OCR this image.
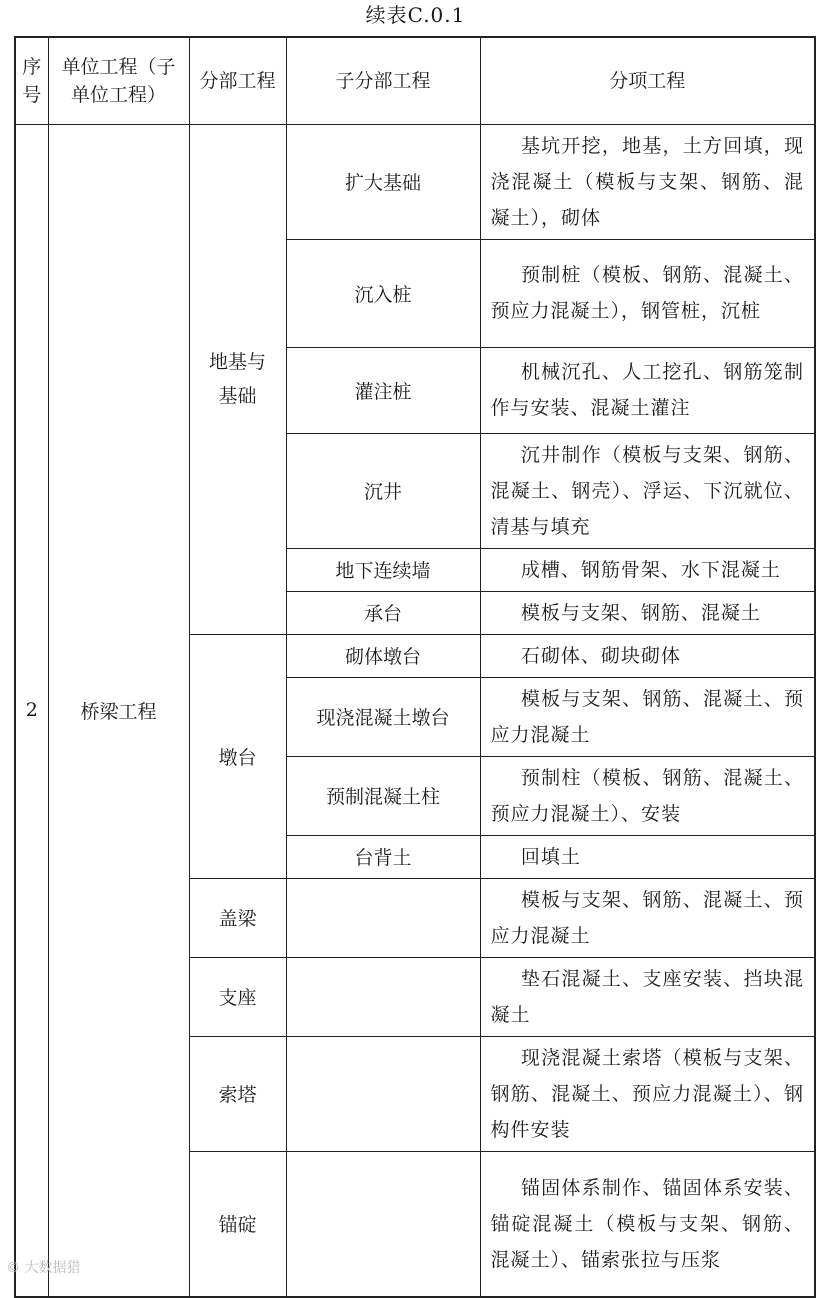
续表C.0.1
序号	单位工程（子单位工程）	分部工程	子分部工程	分项工程
2	桥梁工程	地基与基础	扩大基础	基坑开挖，地基，土方回填，现浇混凝土（模板与支架、钢筋、混凝土），砌体

			沉入桩	预制桩（模板、钢筋、混凝土、预应力混凝土），钢管桩，沉桩

			灌注桩	机械沉孔、人工挖孔、钢筋笼制作与安装、混凝土灌注

			沉井	沉井制作（模板与支架、钢筋、混凝土、钢壳）、浮运、下沉就位、清基与填充

			地下连续墙	成槽、钢筋骨架、水下混凝土

			承台	模板与支架、钢筋、混凝土

		墩台	砌体墩台	石砌体、砌块砌体

			现浇混凝土墩台	模板与支架、钢筋、混凝土、预应力混凝土

			预制混凝土柱	预制柱（模板、钢筋、混凝土、预应力混凝土）、安装

			台背土	回填土

		盖梁		模板与支架、钢筋、混凝土、预应力混凝土

		支座		垫石混凝土、支座安装、挡块混凝土

		索塔		现浇混凝土索塔（模板与支架、钢筋、混凝土、预应力混凝土）、钢构件安装

		锚碇		锚固体系制作、锚固体系安装、锚碇混凝土（模板与支架、钢筋、混凝土）、锚索张拉与压浆
© 大数据猎
